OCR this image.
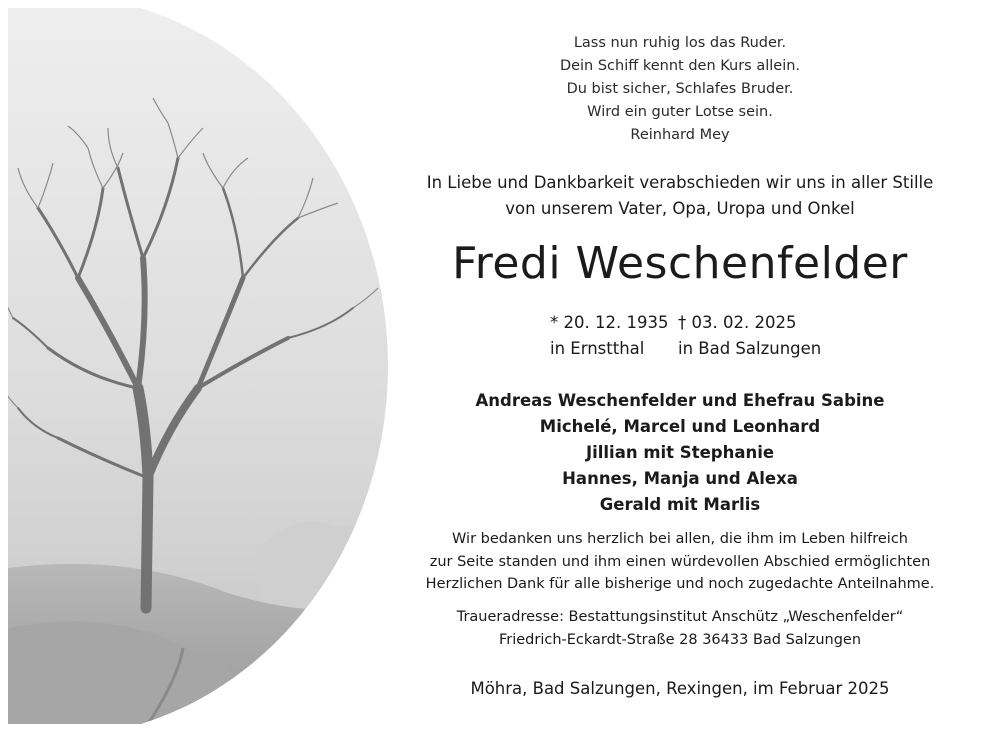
Lass nun ruhig los das Ruder.
Dein Schiff kennt den Kurs allein.
Du bist sicher, Schlafes Bruder.
Wird ein guter Lotse sein.
Reinhard Mey
In Liebe und Dankbarkeit verabschieden wir uns in aller Stille
von unserem Vater, Opa, Uropa und Onkel
Fredi Weschenfelder
* 20. 12. 1935
in Ernstthal
† 03. 02. 2025
in Bad Salzungen
Andreas Weschenfelder und Ehefrau Sabine
Michelé, Marcel und Leonhard
Jillian mit Stephanie
Hannes, Manja und Alexa
Gerald mit Marlis
Wir bedanken uns herzlich bei allen, die ihm im Leben hilfreich
zur Seite standen und ihm einen würdevollen Abschied ermöglichten
Herzlichen Dank für alle bisherige und noch zugedachte Anteilnahme.
Traueradresse: Bestattungsinstitut Anschütz „Weschenfelder“
Friedrich-Eckardt-Straße 28 36433 Bad Salzungen
Möhra, Bad Salzungen, Rexingen, im Februar 2025
